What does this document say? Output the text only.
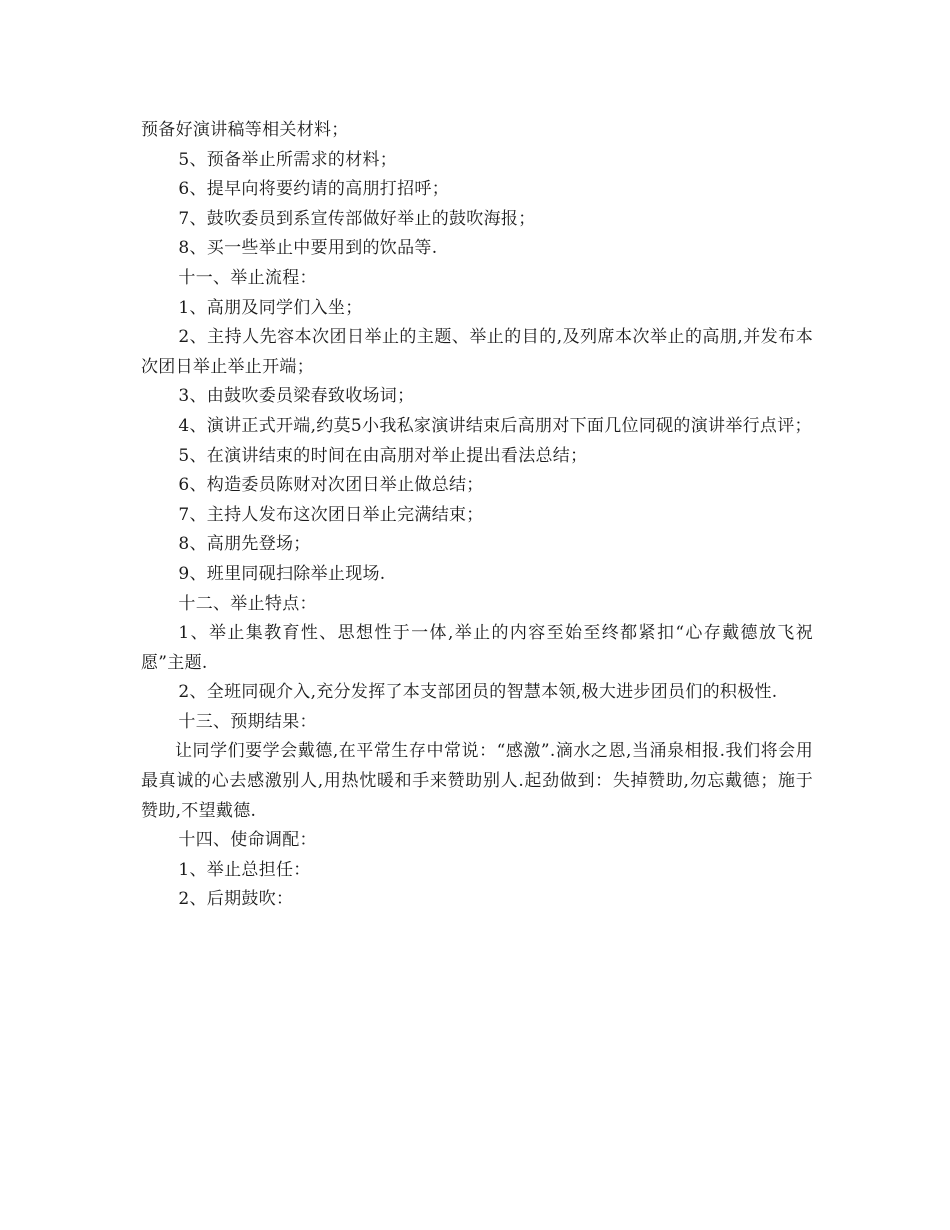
预备好演讲稿等相关材料；

5、预备举止所需求的材料；

6、提早向将要约请的高朋打招呼；

7、鼓吹委员到系宣传部做好举止的鼓吹海报；

8、买一些举止中要用到的饮品等.

十一、举止流程：

1、高朋及同学们入坐；

2、主持人先容本次团日举止的主题、举止的目的,及列席本次举止的高朋,并发布本次团日举止举止开端；

3、由鼓吹委员梁春致收场词；

4、演讲正式开端,约莫5小我私家演讲结束后高朋对下面几位同砚的演讲举行点评；

5、在演讲结束的时间在由高朋对举止提出看法总结；

6、构造委员陈财对次团日举止做总结；

7、主持人发布这次团日举止完满结束；

8、高朋先登场；

9、班里同砚扫除举止现场.

十二、举止特点：

1、举止集教育性、思想性于一体,举止的内容至始至终都紧扣“心存戴德放飞祝愿”主题.

2、全班同砚介入,充分发挥了本支部团员的智慧本领,极大进步团员们的积极性.

十三、预期结果：

让同学们要学会戴德,在平常生存中常说：“感激”.滴水之恩,当涌泉相报.我们将会用最真诚的心去感激别人,用热忱暖和手来赞助别人.起劲做到：失掉赞助,勿忘戴德；施于赞助,不望戴德.

十四、使命调配：

1、举止总担任：

2、后期鼓吹：
